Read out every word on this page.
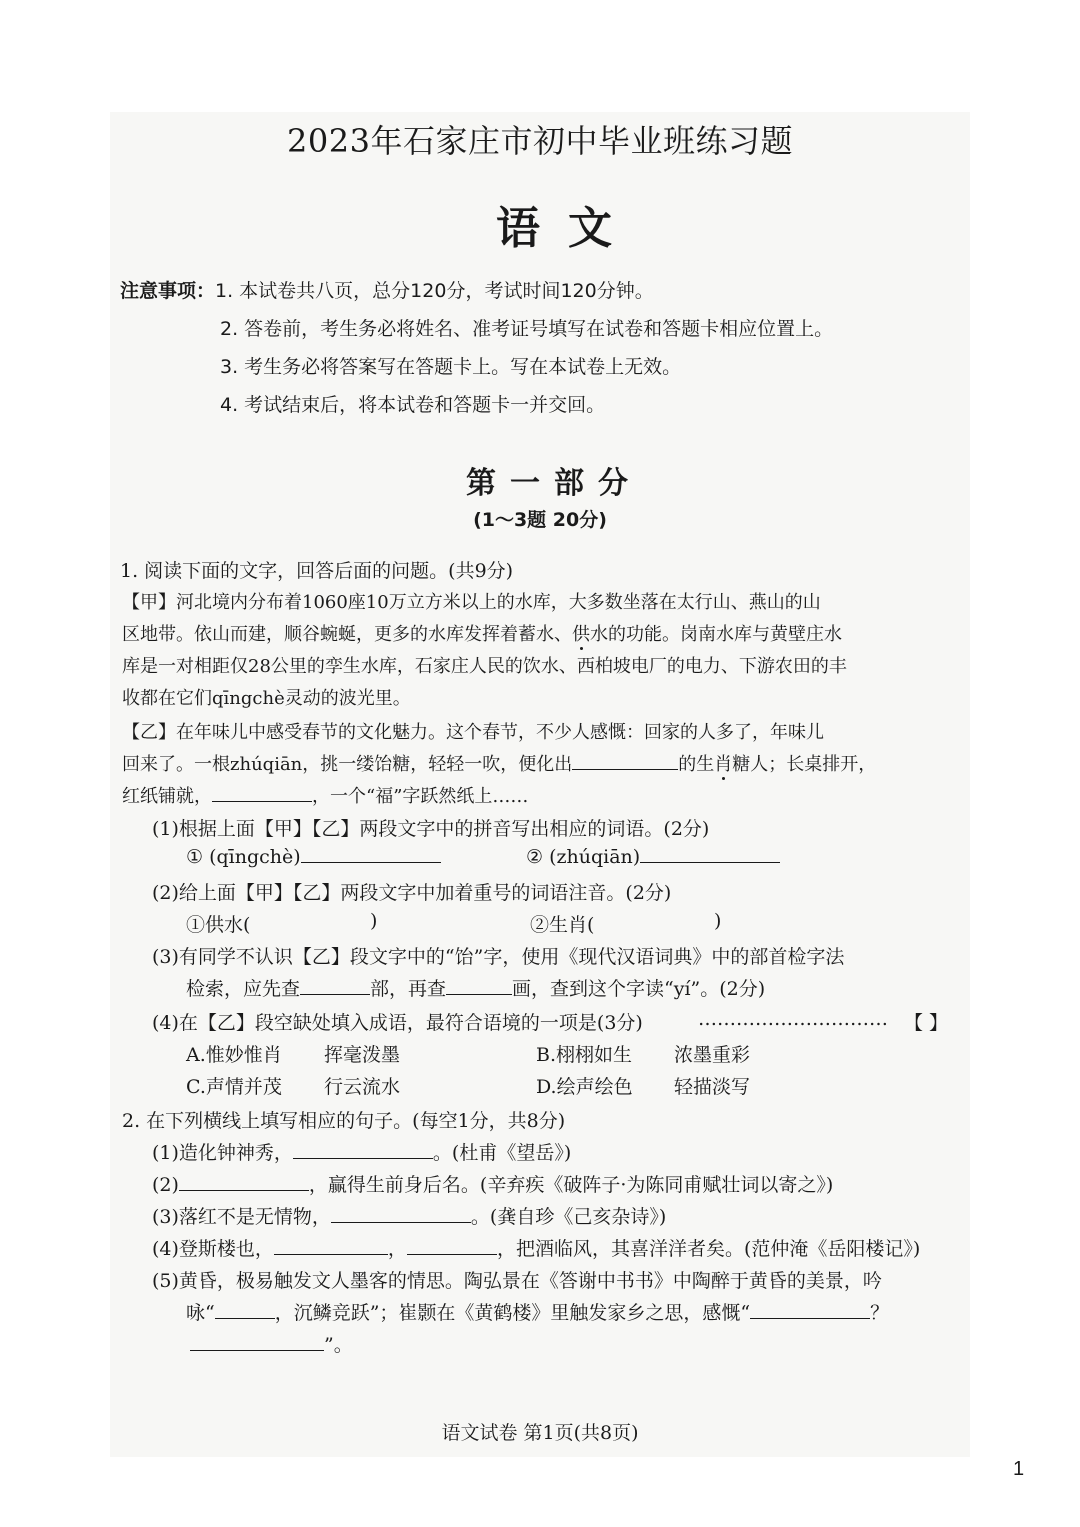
2023年石家庄市初中毕业班练习题
语文
注意事项：1. 本试卷共八页，总分120分，考试时间120分钟。
2. 答卷前，考生务必将姓名、准考证号填写在试卷和答题卡相应位置上。
3. 考生务必将答案写在答题卡上。写在本试卷上无效。
4. 考试结束后，将本试卷和答题卡一并交回。
第一部分
(1～3题 20分)
1. 阅读下面的文字，回答后面的问题。(共9分)
【甲】河北境内分布着1060座10万立方米以上的水库，大多数坐落在太行山、燕山的山
区地带。依山而建，顺谷蜿蜒，更多的水库发挥着蓄水、供水的功能。岗南水库与黄壁庄水
库是一对相距仅28公里的孪生水库，石家庄人民的饮水、西柏坡电厂的电力、下游农田的丰
收都在它们qīngchè灵动的波光里。
【乙】在年味儿中感受春节的文化魅力。这个春节，不少人感慨：回家的人多了，年味儿
回来了。一根zhúqiān，挑一缕饴糖，轻轻一吹，便化出	的生肖糖人；长桌排开，
红纸铺就，	，一个“福”字跃然纸上……
(1)根据上面【甲】【乙】两段文字中的拼音写出相应的词语。(2分)
① (qīngchè)	② (zhúqiān)
(2)给上面【甲】【乙】两段文字中加着重号的词语注音。(2分)
①供水(	)	②生肖(	)
(3)有同学不认识【乙】段文字中的“饴”字，使用《现代汉语词典》中的部首检字法
检索，应先查	部，再查	画，查到这个字读“yí”。(2分)
(4)在【乙】段空缺处填入成语，最符合语境的一项是(3分)	………………………… 【 】
A.惟妙惟肖 挥毫泼墨	B.栩栩如生 浓墨重彩
C.声情并茂 行云流水	D.绘声绘色 轻描淡写
2. 在下列横线上填写相应的句子。(每空1分，共8分)
(1)造化钟神秀，	。(杜甫《望岳》)
(2)	，赢得生前身后名。(辛弃疾《破阵子·为陈同甫赋壮词以寄之》)
(3)落红不是无情物，	。(龚自珍《己亥杂诗》)
(4)登斯楼也，	，	，把酒临风，其喜洋洋者矣。(范仲淹《岳阳楼记》)
(5)黄昏，极易触发文人墨客的情思。陶弘景在《答谢中书书》中陶醉于黄昏的美景，吟
咏“	，沉鳞竞跃”；崔颢在《黄鹤楼》里触发家乡之思，感慨“	？
”。
语文试卷 第1页(共8页)
1
